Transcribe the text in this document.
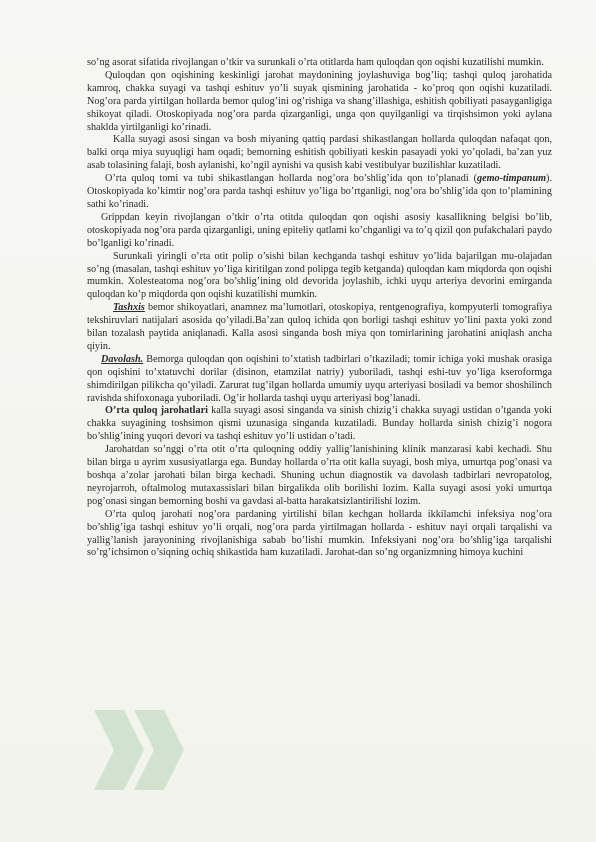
so’ng asorat sifatida rivojlangan o’tkir va surunkali o’rta otitlarda ham quloqdan qon oqishi kuzatilishi mumkin.

Quloqdan qon oqishining keskinligi jarohat maydonining joylashuviga bog’liq; tashqi quloq jarohatida kamroq, chakka suyagi va tashqi eshituv yo’li suyak qismining jarohatida - ko’proq qon oqishi kuzatiladi. Nog’ora parda yirtilgan hollarda bemor qulog’ini og’rishiga va shang’illashiga, eshitish qobiliyati pasayganligiga shikoyat qiladi. Otoskopiyada nog’ora parda qizarganligi, unga qon quyilganligi va tirqishsimon yoki aylana shaklda yirtilganligi ko’rinadi.

Kalla suyagi asosi singan va bosh miyaning qattiq pardasi shikastlangan hollarda quloqdan nafaqat qon, balki orqa miya suyuqligi ham oqadi; bemorning eshitish qobiliyati keskin pasayadi yoki yo’qoladi, ba’zan yuz asab tolasining falaji, bosh aylanishi, ko’ngil aynishi va qusish kabi vestibulyar buzilishlar kuzatiladi.

O’rta quloq tomi va tubi shikastlangan hollarda nog’ora bo’shlig’ida qon to’planadi (gemo-timpanum). Otoskopiyada ko’kimtir nog’ora parda tashqi eshituv yo’liga bo’rtganligi, nog’ora bo’shlig’ida qon to’plamining sathi ko’rinadi.

Grippdan keyin rivojlangan o’tkir o’rta otitda quloqdan qon oqishi asosiy kasallikning belgisi bo’lib, otoskopiyada nog’ora parda qizarganligi, uning epiteliy qatlami ko’chganligi va to’q qizil qon pufakchalari paydo bo’lganligi ko’rinadi.

Surunkali yiringli o’rta otit polip o’sishi bilan kechganda tashqi eshituv yo’lida bajarilgan mu-olajadan so’ng (masalan, tashqi eshituv yo’liga kiritilgan zond polipga tegib ketganda) quloqdan kam miqdorda qon oqishi mumkin. Xolesteatoma nog’ora bo’shlig’ining old devorida joylashib, ichki uyqu arteriya devorini emirganda quloqdan ko’p miqdorda qon oqishi kuzatilishi mumkin.

Tashxis bemor shikoyatlari, anamnez ma’lumotlari, otoskopiya, rentgenografiya, kompyuterli tomografiya tekshiruvlari natijalari asosida qo’yiladi.Ba’zan quloq ichida qon borligi tashqi eshituv yo’lini paxta yoki zond bilan tozalash paytida aniqlanadi. Kalla asosi singanda bosh miya qon tomirlarining jarohatini aniqlash ancha qiyin.

Davolash. Bemorga quloqdan qon oqishini to’xtatish tadbirlari o’tkaziladi; tomir ichiga yoki mushak orasiga qon oqishini to’xtatuvchi dorilar (disinon, etamzilat natriy) yuboriladi, tashqi eshi-tuv yo’liga kseroformga shimdirilgan pilikcha qo’yiladi. Zarurat tug’ilgan hollarda umumiy uyqu arteriyasi bosiladi va bemor shoshilinch ravishda shifoxonaga yuboriladi. Og’ir hollarda tashqi uyqu arteriyasi bog’lanadi.

O’rta quloq jarohatlari kalla suyagi asosi singanda va sinish chizig’i chakka suyagi ustidan o’tganda yoki chakka suyagining toshsimon qismi uzunasiga singanda kuzatiladi. Bunday hollarda sinish chizig’i nogora bo’shlig’ining yuqori devori va tashqi eshituv yo’li ustidan o’tadi.

Jarohatdan so’nggi o’rta otit o’rta quloqning oddiy yallig’lanishining klinik manzarasi kabi kechadi. Shu bilan birga u ayrim xususiyatlarga ega. Bunday hollarda o’rta otit kalla suyagi, bosh miya, umurtqa pog’onasi va boshqa a’zolar jarohati bilan birga kechadi. Shuning uchun diagnostik va davolash tadbirlari nevropatolog, neyrojarroh, oftalmolog mutaxassislari bilan birgalikda olib borilishi lozim. Kalla suyagi asosi yoki umurtqa pog’onasi singan bemorning boshi va gavdasi al-batta harakatsizlantirilishi lozim.

O’rta quloq jarohati nog’ora pardaning yirtilishi bilan kechgan hollarda ikkilamchi infeksiya nog’ora bo’shlig’iga tashqi eshituv yo’li orqali, nog’ora parda yirtilmagan hollarda - eshituv nayi orqali tarqalishi va yallig’lanish jarayonining rivojlanishiga sabab bo’lishi mumkin. Infeksiyani nog’ora bo’shlig’iga tarqalishi so’rg’ichsimon o’siqning ochiq shikastida ham kuzatiladi. Jarohat-dan so’ng organizmning himoya kuchini
